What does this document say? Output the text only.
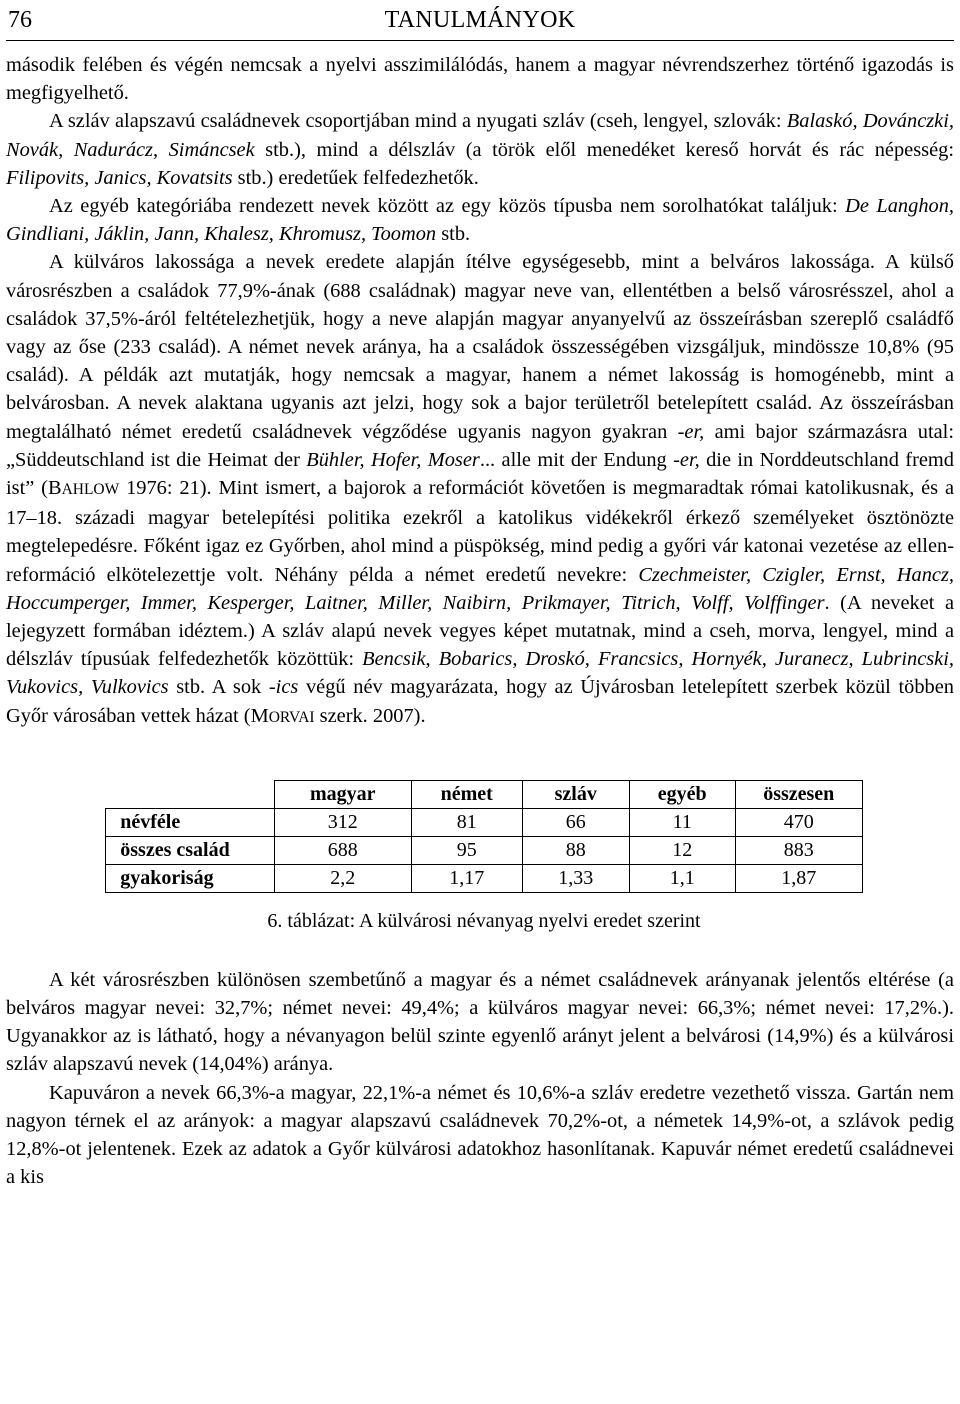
76	TANULMÁNYOK

második felében és végén nemcsak a nyelvi asszimilálódás, hanem a magyar névrendszerhez történő igazodás is megfigyelhető.

A szláv alapszavú családnevek csoportjában mind a nyugati szláv (cseh, lengyel, szlovák: Balaskó, Dovánczki, Novák, Nadurácz, Simáncsek stb.), mind a délszláv (a török elől menedéket kereső horvát és rác népesség: Filipovits, Janics, Kovatsits stb.) eredetűek felfedezhetők.

Az egyéb kategóriába rendezett nevek között az egy közös típusba nem sorolhatókat találjuk: De Langhon, Gindliani, Jáklin, Jann, Khalesz, Khromusz, Toomon stb.

A külváros lakossága a nevek eredete alapján ítélve egységesebb, mint a belváros lakossága. A külső városrészben a családok 77,9%-ának (688 családnak) magyar neve van, ellentétben a belső városrésszel, ahol a családok 37,5%-áról feltételezhetjük, hogy a neve alapján magyar anyanyelvű az összeírásban szereplő családfő vagy az őse (233 család). A német nevek aránya, ha a családok összességében vizsgáljuk, mindössze 10,8% (95 család). A példák azt mutatják, hogy nemcsak a magyar, hanem a német lakosság is homogénebb, mint a belvárosban. A nevek alaktana ugyanis azt jelzi, hogy sok a bajor területről betelepített család. Az összeírásban megtalálható német eredetű családnevek végződése ugyanis nagyon gyakran -er, ami bajor származásra utal: „Süddeutschland ist die Heimat der Bühler, Hofer, Moser... alle mit der Endung -er, die in Norddeutschland fremd ist” (BAHLOW 1976: 21). Mint ismert, a bajorok a reformációt követően is megmaradtak római katolikusnak, és a 17–18. századi magyar betelepítési politika ezekről a katolikus vidékekről érkező személyeket ösztönözte megtelepedésre. Főként igaz ez Győrben, ahol mind a püspökség, mind pedig a győri vár katonai vezetése az ellenreformáció elkötelezettje volt. Néhány példa a német eredetű nevekre: Czechmeister, Czigler, Ernst, Hancz, Hoccumperger, Immer, Kesperger, Laitner, Miller, Naibirn, Prikmayer, Titrich, Volff, Volffinger. (A neveket a lejegyzett formában idéztem.) A szláv alapú nevek vegyes képet mutatnak, mind a cseh, morva, lengyel, mind a délszláv típusúak felfedezhetők közöttük: Bencsik, Bobarics, Droskó, Francsics, Hornyék, Juranecz, Lubrincski, Vukovics, Vulkovics stb. A sok -ics végű név magyarázata, hogy az Újvárosban letelepített szerbek közül többen Győr városában vettek házat (MORVAI szerk. 2007).

	magyar	német	szláv	egyéb	összesen
névféle	312	81	66	11	470
összes család	688	95	88	12	883
gyakoriság	2,2	1,17	1,33	1,1	1,87
6. táblázat: A külvárosi névanyag nyelvi eredet szerint

A két városrészben különösen szembetűnő a magyar és a német családnevek arányanak jelentős eltérése (a belváros magyar nevei: 32,7%; német nevei: 49,4%; a külváros magyar nevei: 66,3%; német nevei: 17,2%.). Ugyanakkor az is látható, hogy a névanyagon belül szinte egyenlő arányt jelent a belvárosi (14,9%) és a külvárosi szláv alapszavú nevek (14,04%) aránya.

Kapuváron a nevek 66,3%-a magyar, 22,1%-a német és 10,6%-a szláv eredetre vezethető vissza. Gartán nem nagyon térnek el az arányok: a magyar alapszavú családnevek 70,2%-ot, a németek 14,9%-ot, a szlávok pedig 12,8%-ot jelentenek. Ezek az adatok a Győr külvárosi adatokhoz hasonlítanak. Kapuvár német eredetű családnevei a kis
